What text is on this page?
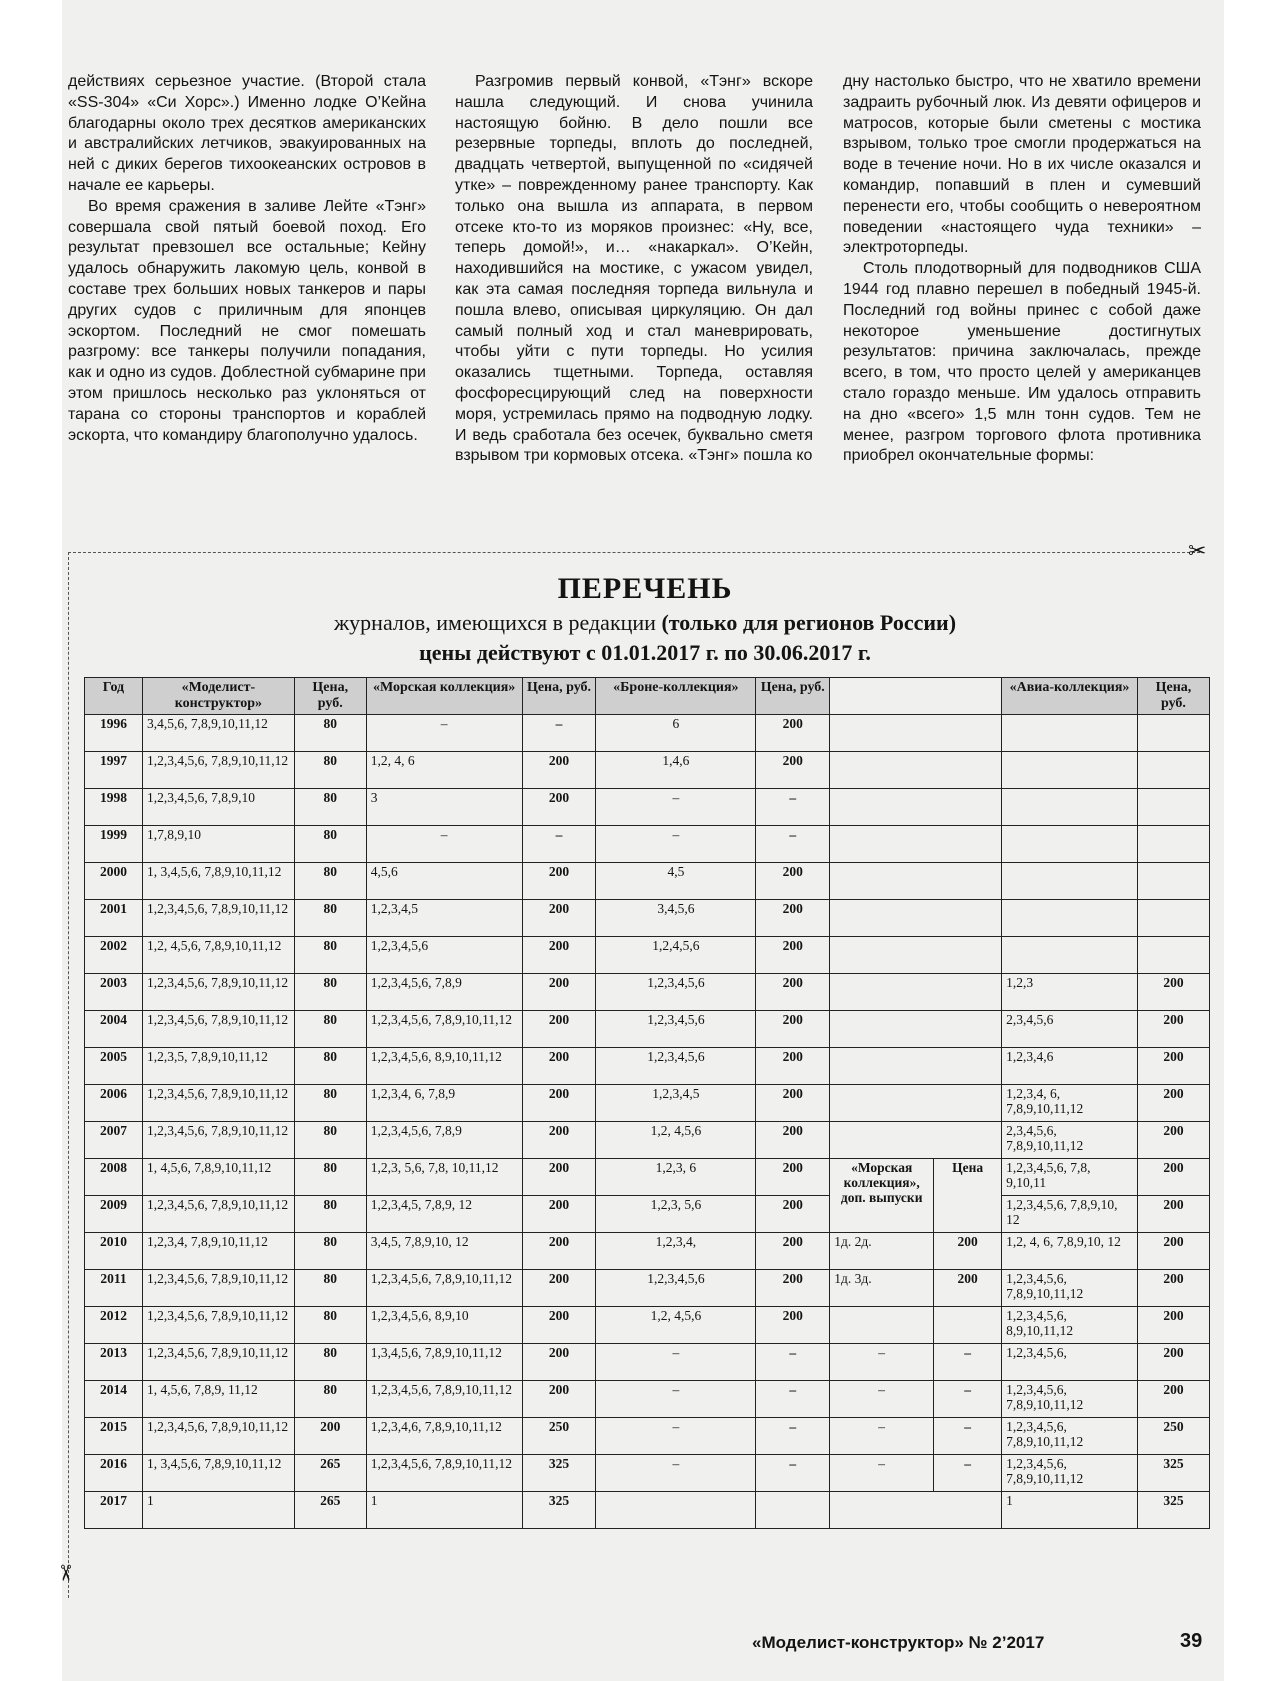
действиях серьезное участие. (Второй стала «SS-304» «Си Хорс».) Именно лодке О’Кейна благодарны около трех десятков американских и австралийских летчиков, эвакуированных на ней с диких берегов тихоокеанских островов в начале ее карьеры.

Во время сражения в заливе Лейте «Тэнг» совершала свой пятый боевой поход. Его результат превзошел все остальные; Кейну удалось обнаружить лакомую цель, конвой в составе трех больших новых танкеров и пары других судов с приличным для японцев эскортом. Последний не смог помешать разгрому: все танкеры получили попадания, как и одно из судов. Доблестной субмарине при этом пришлось несколько раз уклоняться от тарана со стороны транспортов и кораблей эскорта, что командиру благополучно удалось.

Разгромив первый конвой, «Тэнг» вскоре нашла следующий. И снова учинила настоящую бойню. В дело пошли все резервные торпеды, вплоть до последней, двадцать четвертой, выпущенной по «сидячей утке» – поврежденному ранее транспорту. Как только она вышла из аппарата, в первом отсеке кто-то из моряков произнес: «Ну, все, теперь домой!», и… «накаркал». О’Кейн, находившийся на мостике, с ужасом увидел, как эта самая последняя торпеда вильнула и пошла влево, описывая циркуляцию. Он дал самый полный ход и стал маневрировать, чтобы уйти с пути торпеды. Но усилия оказались тщетными. Торпеда, оставляя фосфоресцирующий след на поверхности моря, устремилась прямо на подводную лодку. И ведь сработала без осечек, буквально сметя взрывом три кормовых отсека. «Тэнг» пошла ко

дну настолько быстро, что не хватило времени задраить рубочный люк. Из девяти офицеров и матросов, которые были сметены с мостика взрывом, только трое смогли продержаться на воде в течение ночи. Но в их числе оказался и командир, попавший в плен и сумевший перенести его, чтобы сообщить о невероятном поведении «настоящего чуда техники» – электроторпеды.

Столь плодотворный для подводников США 1944 год плавно перешел в победный 1945-й. Последний год войны принес с собой даже некоторое уменьшение достигнутых результатов: причина заключалась, прежде всего, в том, что просто целей у американцев стало гораздо меньше. Им удалось отправить на дно «всего» 1,5 млн тонн судов. Тем не менее, разгром торгового флота противника приобрел окончательные формы:

✂
✂
ПЕРЕЧЕНЬ
журналов, имеющихся в редакции (только для регионов России)
цены действуют с 01.01.2017 г. по 30.06.2017 г.
Год	«Моделист-конструктор»	Цена, руб.	«Морская коллекция»	Цена, руб.	«Броне-коллекция»	Цена, руб.			«Авиа-коллекция»	Цена, руб.
1996	3,4,5,6, 7,8,9,10,11,12	80	–	–	6	200				
1997	1,2,3,4,5,6, 7,8,9,10,11,12	80	1,2, 4, 6	200	1,4,6	200				
1998	1,2,3,4,5,6, 7,8,9,10	80	3	200	–	–				
1999	1,7,8,9,10	80	–	–	–	–				
2000	1, 3,4,5,6, 7,8,9,10,11,12	80	4,5,6	200	4,5	200				
2001	1,2,3,4,5,6, 7,8,9,10,11,12	80	1,2,3,4,5	200	3,4,5,6	200				
2002	1,2, 4,5,6, 7,8,9,10,11,12	80	1,2,3,4,5,6	200	1,2,4,5,6	200				
2003	1,2,3,4,5,6, 7,8,9,10,11,12	80	1,2,3,4,5,6, 7,8,9	200	1,2,3,4,5,6	200			1,2,3	200
2004	1,2,3,4,5,6, 7,8,9,10,11,12	80	1,2,3,4,5,6, 7,8,9,10,11,12	200	1,2,3,4,5,6	200			2,3,4,5,6	200
2005	1,2,3,5, 7,8,9,10,11,12	80	1,2,3,4,5,6, 8,9,10,11,12	200	1,2,3,4,5,6	200			1,2,3,4,6	200
2006	1,2,3,4,5,6, 7,8,9,10,11,12	80	1,2,3,4, 6, 7,8,9	200	1,2,3,4,5	200			1,2,3,4, 6, 7,8,9,10,11,12	200
2007	1,2,3,4,5,6, 7,8,9,10,11,12	80	1,2,3,4,5,6, 7,8,9	200	1,2, 4,5,6	200			2,3,4,5,6, 7,8,9,10,11,12	200
2008	1, 4,5,6, 7,8,9,10,11,12	80	1,2,3, 5,6, 7,8, 10,11,12	200	1,2,3, 6	200	«Морская коллекция», доп. выпуски	Цена	1,2,3,4,5,6, 7,8, 9,10,11	200
2009	1,2,3,4,5,6, 7,8,9,10,11,12	80	1,2,3,4,5, 7,8,9, 12	200	1,2,3, 5,6	200			1,2,3,4,5,6, 7,8,9,10, 12	200
2010	1,2,3,4, 7,8,9,10,11,12	80	3,4,5, 7,8,9,10, 12	200	1,2,3,4,	200	1д. 2д.	200	1,2, 4, 6, 7,8,9,10, 12	200
2011	1,2,3,4,5,6, 7,8,9,10,11,12	80	1,2,3,4,5,6, 7,8,9,10,11,12	200	1,2,3,4,5,6	200	1д. 3д.	200	1,2,3,4,5,6, 7,8,9,10,11,12	200
2012	1,2,3,4,5,6, 7,8,9,10,11,12	80	1,2,3,4,5,6, 8,9,10	200	1,2, 4,5,6	200			1,2,3,4,5,6, 8,9,10,11,12	200
2013	1,2,3,4,5,6, 7,8,9,10,11,12	80	1,3,4,5,6, 7,8,9,10,11,12	200	–	–	–	–	1,2,3,4,5,6,	200
2014	1, 4,5,6, 7,8,9, 11,12	80	1,2,3,4,5,6, 7,8,9,10,11,12	200	–	–	–	–	1,2,3,4,5,6, 7,8,9,10,11,12	200
2015	1,2,3,4,5,6, 7,8,9,10,11,12	200	1,2,3,4,6, 7,8,9,10,11,12	250	–	–	–	–	1,2,3,4,5,6, 7,8,9,10,11,12	250
2016	1, 3,4,5,6, 7,8,9,10,11,12	265	1,2,3,4,5,6, 7,8,9,10,11,12	325	–	–	–	–	1,2,3,4,5,6, 7,8,9,10,11,12	325
2017	1	265	1	325					1	325
«Моделист-конструктор» № 2’2017	39
